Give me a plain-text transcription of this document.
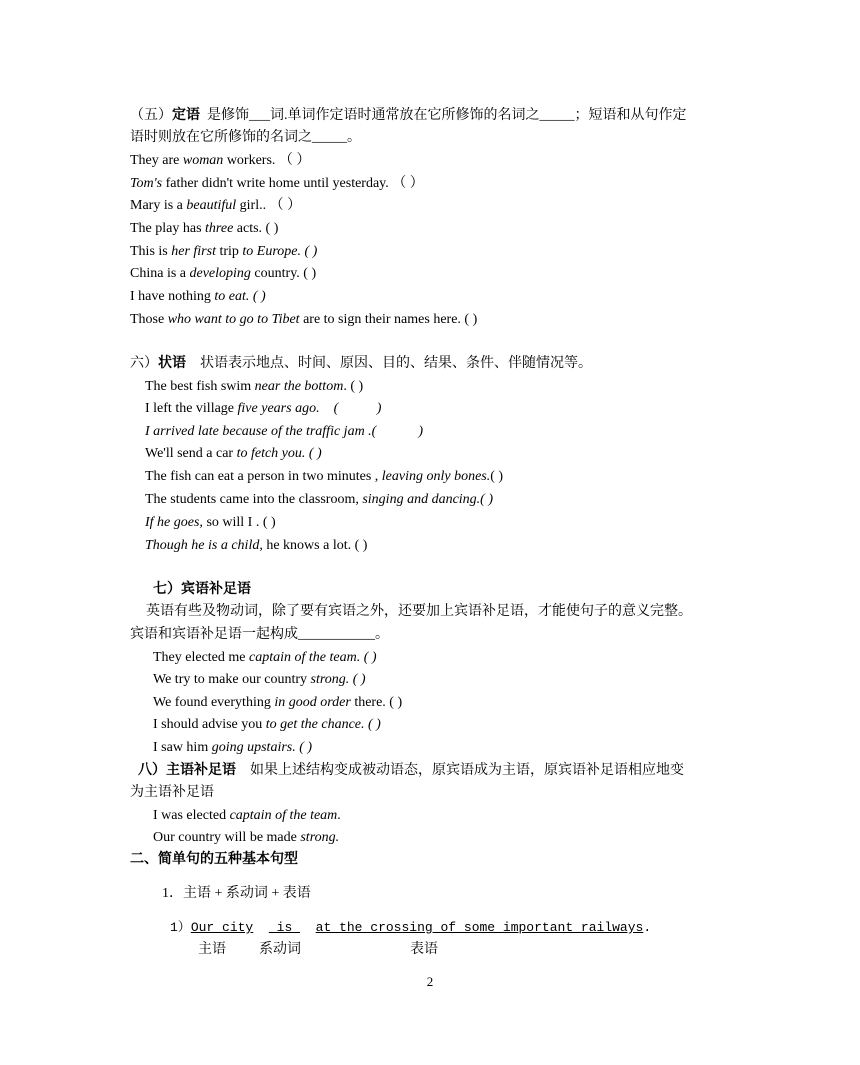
（五）定语 是修饰___词.单词作定语时通常放在它所修饰的名词之_____；短语和从句作定
语时则放在它所修饰的名词之_____。
They are woman workers. （ ）
Tom's father didn't write home until yesterday. （ ）
Mary is a beautiful girl.. （ ）
The play has three acts. ( )
This is her first trip to Europe. ( )
China is a developing country. ( )
I have nothing to eat. ( )
Those who want to go to Tibet are to sign their names here. ( )
六）状语    状语表示地点、时间、原因、目的、结果、条件、伴随情况等。
The best fish swim near the bottom. ( )
I left the village five years ago.    (           )
I arrived late because of the traffic jam .(            )
We'll send a car to fetch you. ( )
The fish can eat a person in two minutes , leaving only bones.( )
The students came into the classroom, singing and dancing.( )
If he goes, so will I . ( )
Though he is a child, he knows a lot. ( )
七）宾语补足语
英语有些及物动词，除了要有宾语之外，还要加上宾语补足语，才能使句子的意义完整。
宾语和宾语补足语一起构成___________。
They elected me captain of the team. ( )
We try to make our country strong. ( )
We found everything in good order there. ( )
I should advise you to get the chance. ( )
I saw him going upstairs. ( )
八）主语补足语    如果上述结构变成被动语态，原宾语成为主语，原宾语补足语相应地变
为主语补足语
I was elected captain of the team.
Our country will be made strong.
二、简单句的五种基本句型
1．主语 + 系动词 + 表语
1）Our city   is   at the crossing of some important railways.
主语 系动词	表语
2
